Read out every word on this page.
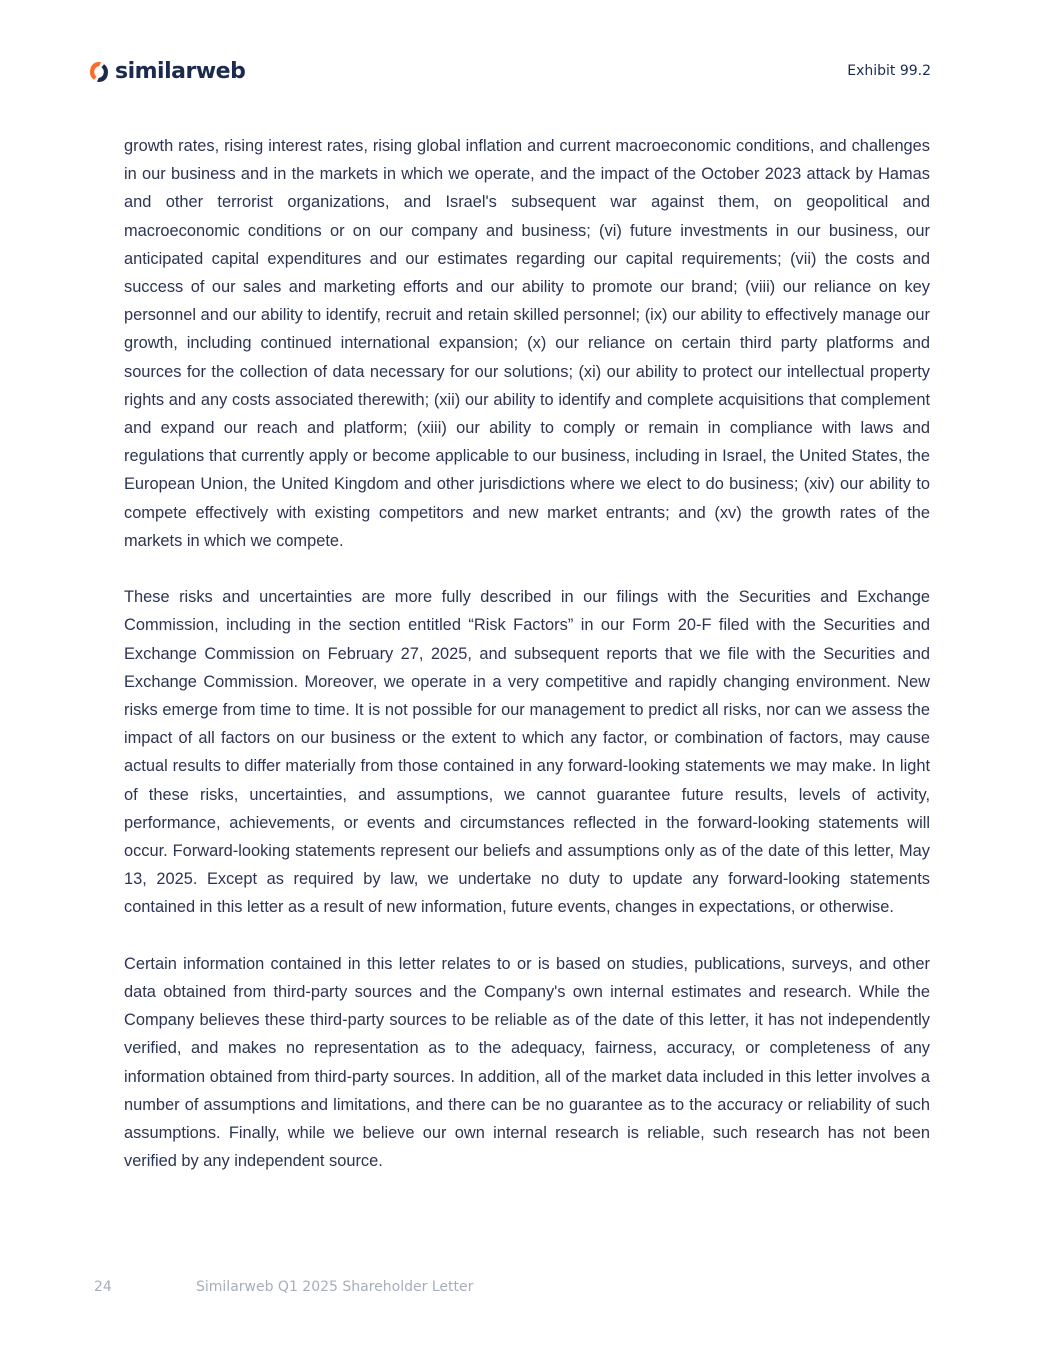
similarweb	Exhibit 99.2

growth rates, rising interest rates, rising global inflation and current macroeconomic conditions, and challenges in our business and in the markets in which we operate, and the impact of the October 2023 attack by Hamas and other terrorist organizations, and Israel's subsequent war against them, on geopolitical and macroeconomic conditions or on our company and business; (vi) future investments in our business, our anticipated capital expenditures and our estimates regarding our capital requirements; (vii) the costs and success of our sales and marketing efforts and our ability to promote our brand; (viii) our reliance on key personnel and our ability to identify, recruit and retain skilled personnel; (ix) our ability to effectively manage our growth, including continued international expansion; (x) our reliance on certain third party platforms and sources for the collection of data necessary for our solutions; (xi) our ability to protect our intellectual property rights and any costs associated therewith; (xii) our ability to identify and complete acquisitions that complement and expand our reach and platform; (xiii) our ability to comply or remain in compliance with laws and regulations that currently apply or become applicable to our business, including in Israel, the United States, the European Union, the United Kingdom and other jurisdictions where we elect to do business; (xiv) our ability to compete effectively with existing competitors and new market entrants; and (xv) the growth rates of the markets in which we compete.

These risks and uncertainties are more fully described in our filings with the Securities and Exchange Commission, including in the section entitled “Risk Factors” in our Form 20-F filed with the Securities and Exchange Commission on February 27, 2025, and subsequent reports that we file with the Securities and Exchange Commission. Moreover, we operate in a very competitive and rapidly changing environment. New risks emerge from time to time. It is not possible for our management to predict all risks, nor can we assess the impact of all factors on our business or the extent to which any factor, or combination of factors, may cause actual results to differ materially from those contained in any forward-looking statements we may make. In light of these risks, uncertainties, and assumptions, we cannot guarantee future results, levels of activity, performance, achievements, or events and circumstances reflected in the forward-looking statements will occur. Forward-looking statements represent our beliefs and assumptions only as of the date of this letter, May 13, 2025. Except as required by law, we undertake no duty to update any forward-looking statements contained in this letter as a result of new information, future events, changes in expectations, or otherwise.

Certain information contained in this letter relates to or is based on studies, publications, surveys, and other data obtained from third-party sources and the Company's own internal estimates and research. While the Company believes these third-party sources to be reliable as of the date of this letter, it has not independently verified, and makes no representation as to the adequacy, fairness, accuracy, or completeness of any information obtained from third-party sources. In addition, all of the market data included in this letter involves a number of assumptions and limitations, and there can be no guarantee as to the accuracy or reliability of such assumptions. Finally, while we believe our own internal research is reliable, such research has not been verified by any independent source.

24	Similarweb Q1 2025 Shareholder Letter
